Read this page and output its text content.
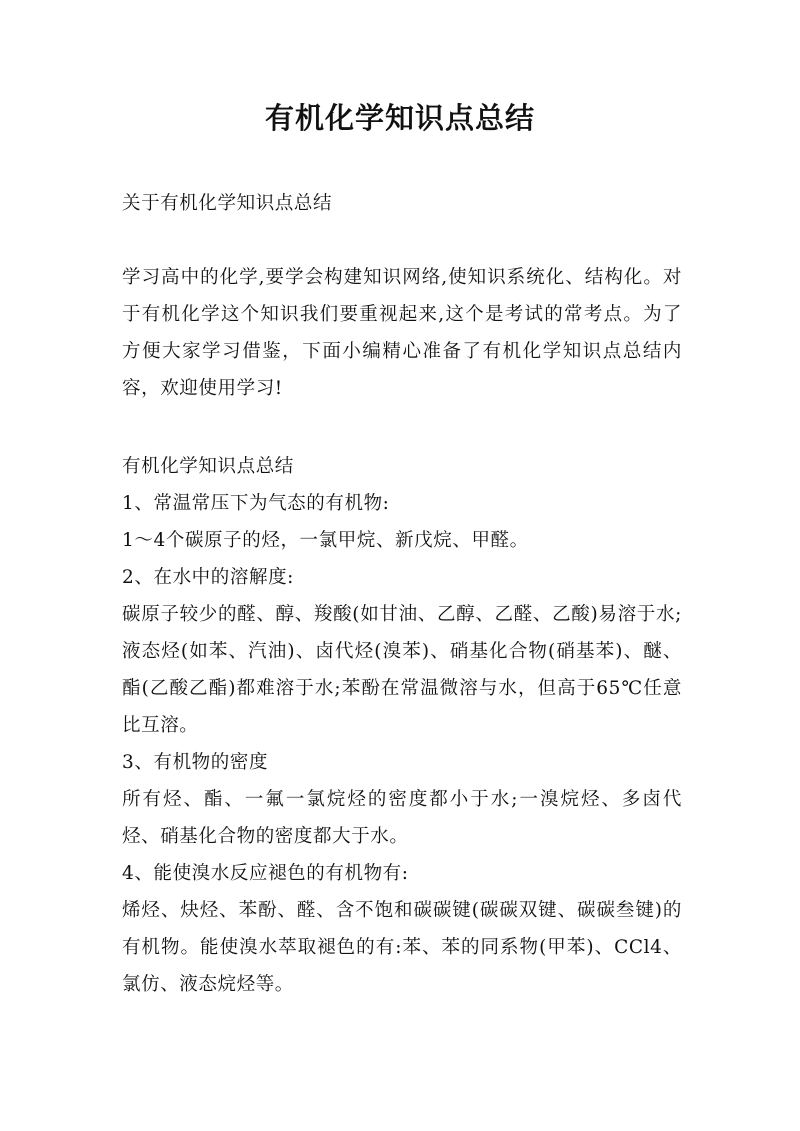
有机化学知识点总结
关于有机化学知识点总结

学习高中的化学,要学会构建知识网络,使知识系统化、结构化。对于有机化学这个知识我们要重视起来,这个是考试的常考点。为了方便大家学习借鉴，下面小编精心准备了有机化学知识点总结内容，欢迎使用学习!

有机化学知识点总结

1、常温常压下为气态的有机物:

1～4个碳原子的烃，一氯甲烷、新戊烷、甲醛。

2、在水中的溶解度:

碳原子较少的醛、醇、羧酸(如甘油、乙醇、乙醛、乙酸)易溶于水;液态烃(如苯、汽油)、卤代烃(溴苯)、硝基化合物(硝基苯)、醚、酯(乙酸乙酯)都难溶于水;苯酚在常温微溶与水，但高于65℃任意比互溶。

3、有机物的密度

所有烃、酯、一氟一氯烷烃的密度都小于水;一溴烷烃、多卤代烃、硝基化合物的密度都大于水。

4、能使溴水反应褪色的有机物有:

烯烃、炔烃、苯酚、醛、含不饱和碳碳键(碳碳双键、碳碳叁键)的有机物。能使溴水萃取褪色的有:苯、苯的同系物(甲苯)、CCl4、氯仿、液态烷烃等。
